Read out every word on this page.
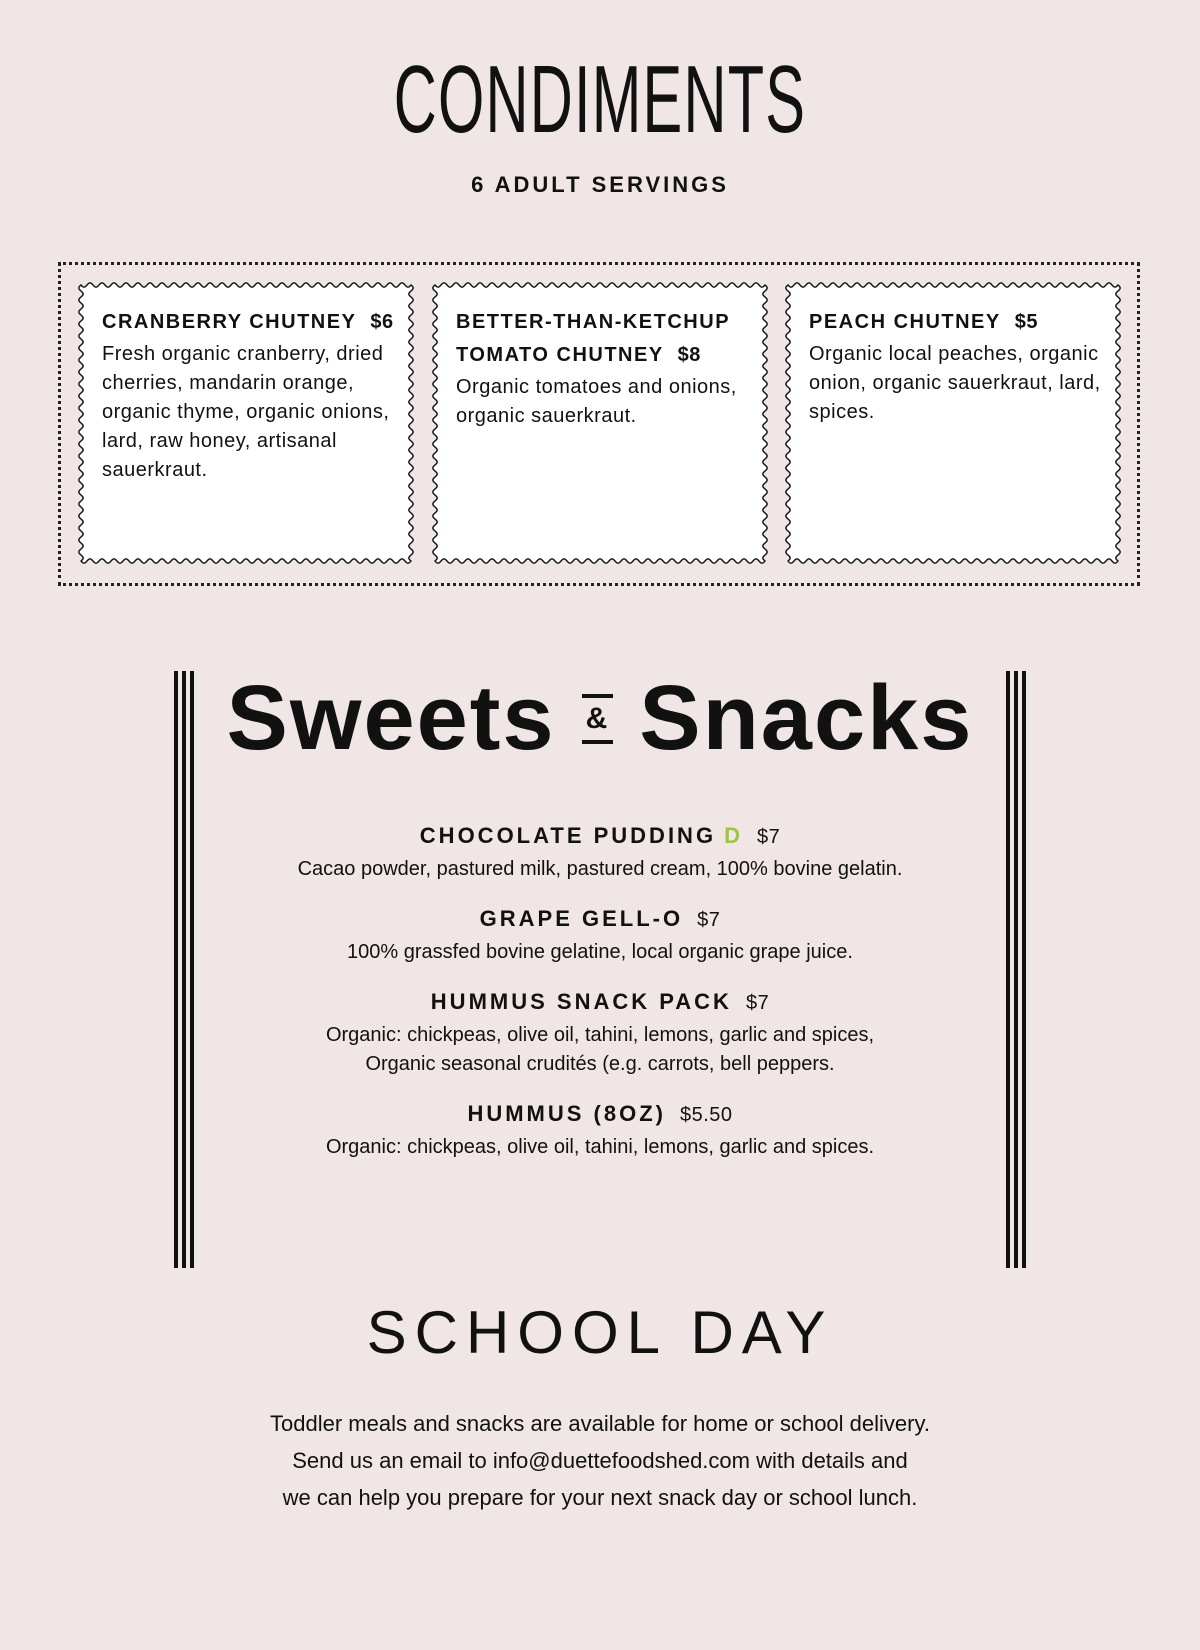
CONDIMENTS
6 ADULT SERVINGS
CRANBERRY CHUTNEY $6
Fresh organic cranberry, dried cherries, mandarin orange, organic thyme, organic onions, lard, raw honey, artisanal sauerkraut.
BETTER-THAN-KETCHUP TOMATO CHUTNEY $8
Organic tomatoes and onions, organic sauerkraut.
PEACH CHUTNEY $5
Organic local peaches, organic onion, organic sauerkraut, lard, spices.
Sweets & Snacks
CHOCOLATE PUDDING D $7
Cacao powder, pastured milk, pastured cream, 100% bovine gelatin.
GRAPE GELL-O $7
100% grassfed bovine gelatine, local organic grape juice.
HUMMUS SNACK PACK $7
Organic: chickpeas, olive oil, tahini, lemons, garlic and spices, Organic seasonal crudités (e.g. carrots, bell peppers.
HUMMUS (8OZ) $5.50
Organic: chickpeas, olive oil, tahini, lemons, garlic and spices.
SCHOOL DAY
Toddler meals and snacks are available for home or school delivery.
Send us an email to info@duettefoodshed.com with details and
we can help you prepare for your next snack day or school lunch.
